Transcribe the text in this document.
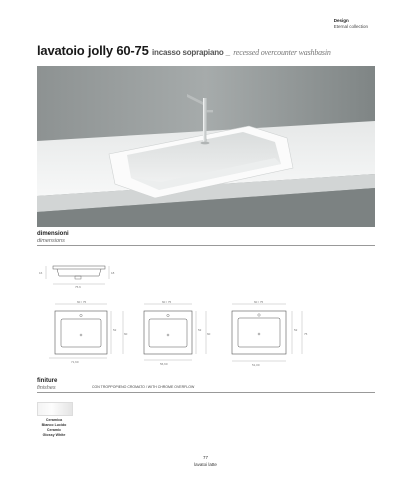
Design
Eternal collection
lavatoio jolly 60-75 incasso soprapiano _ recessed overcounter washbasin
dimensioni
dimensions
75.6
16	18
60 / 75
52
60
71,60
60 / 75
52
60
56,60
60 / 75
52
75
51,00
finiture
finishes	CON TROPPOPIENO CROMATO / WITH CHROME OVERFLOW
Ceramica
Bianco Lucido
Ceramic
Glossy White
77
lavatoi latte
